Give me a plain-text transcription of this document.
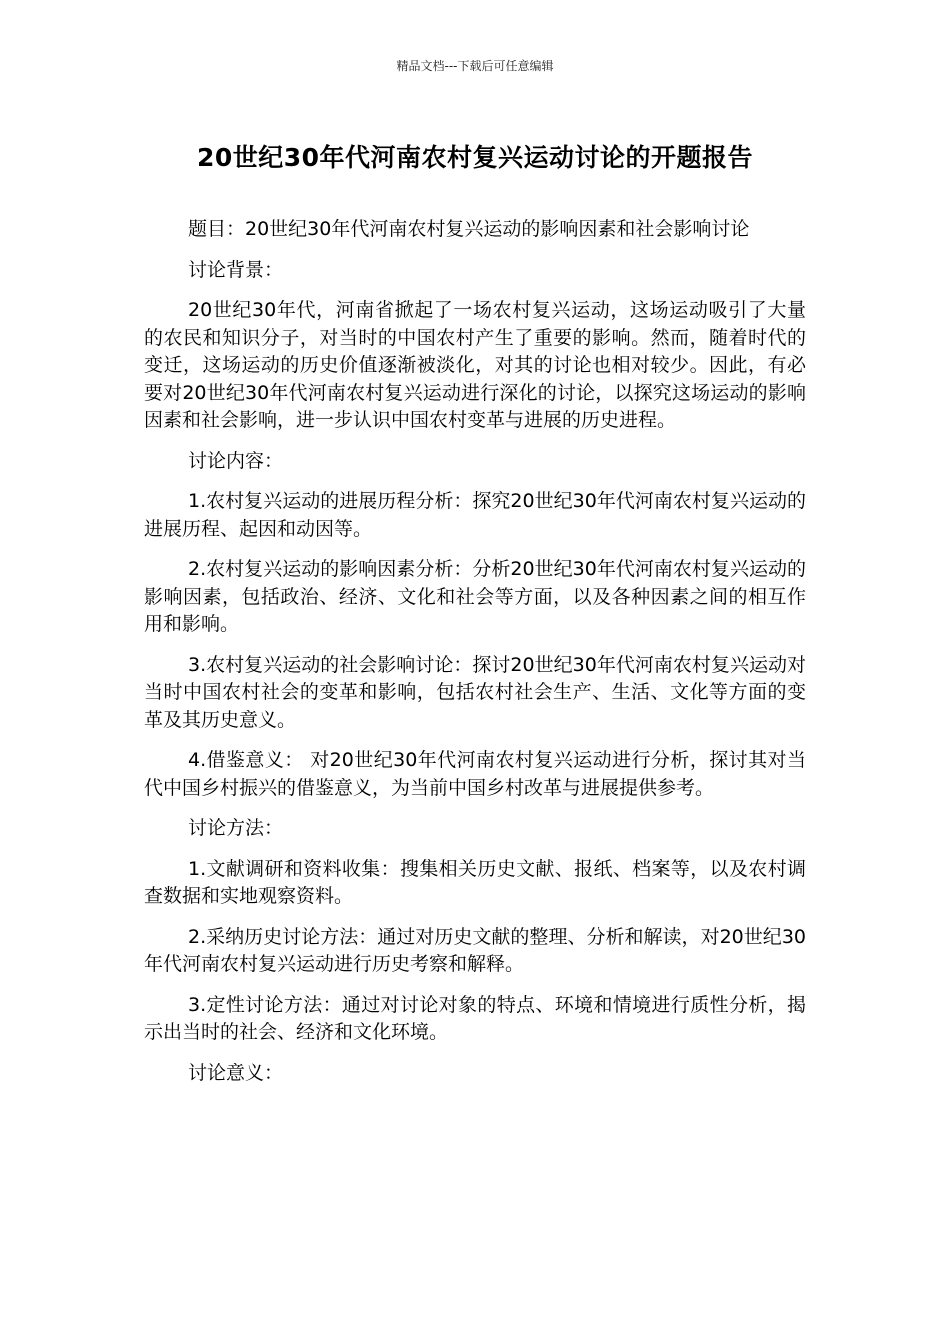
精品文档---下载后可任意编辑
20世纪30年代河南农村复兴运动讨论的开题报告

题目：20世纪30年代河南农村复兴运动的影响因素和社会影响讨论

讨论背景：

20世纪30年代，河南省掀起了一场农村复兴运动，这场运动吸引了大量的农民和知识分子，对当时的中国农村产生了重要的影响。然而，随着时代的变迁，这场运动的历史价值逐渐被淡化，对其的讨论也相对较少。因此，有必要对20世纪30年代河南农村复兴运动进行深化的讨论，以探究这场运动的影响因素和社会影响，进一步认识中国农村变革与进展的历史进程。

讨论内容：

1.农村复兴运动的进展历程分析：探究20世纪30年代河南农村复兴运动的进展历程、起因和动因等。

2.农村复兴运动的影响因素分析：分析20世纪30年代河南农村复兴运动的影响因素，包括政治、经济、文化和社会等方面，以及各种因素之间的相互作用和影响。

3.农村复兴运动的社会影响讨论：探讨20世纪30年代河南农村复兴运动对当时中国农村社会的变革和影响，包括农村社会生产、生活、文化等方面的变革及其历史意义。

4.借鉴意义： 对20世纪30年代河南农村复兴运动进行分析，探讨其对当代中国乡村振兴的借鉴意义，为当前中国乡村改革与进展提供参考。

讨论方法：

1.文献调研和资料收集：搜集相关历史文献、报纸、档案等，以及农村调查数据和实地观察资料。

2.采纳历史讨论方法：通过对历史文献的整理、分析和解读，对20世纪30年代河南农村复兴运动进行历史考察和解释。

3.定性讨论方法：通过对讨论对象的特点、环境和情境进行质性分析，揭示出当时的社会、经济和文化环境。

讨论意义：
